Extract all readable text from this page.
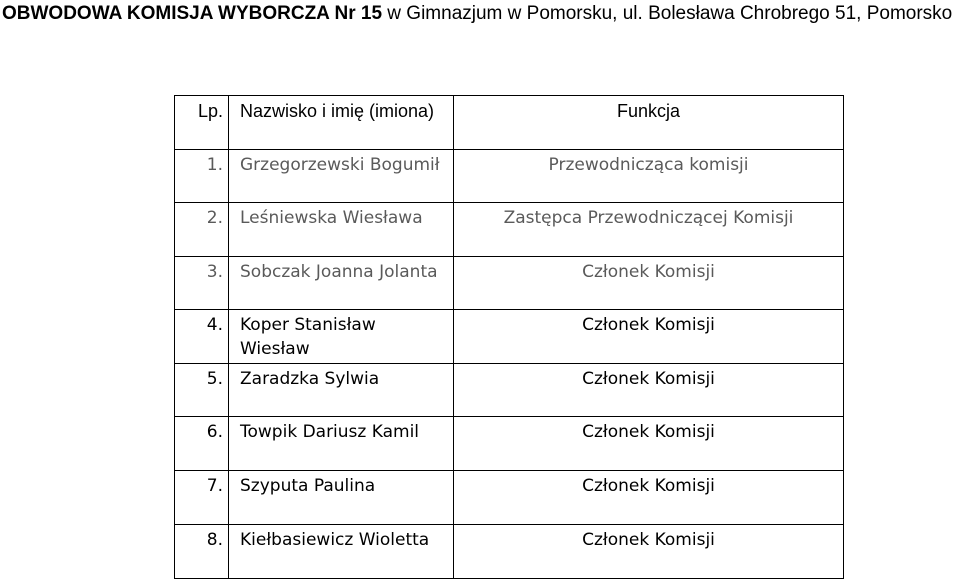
OBWODOWA KOMISJA WYBORCZA Nr 15 w Gimnazjum w Pomorsku, ul. Bolesława Chrobrego 51, Pomorsko
Lp.	Nazwisko i imię (imiona)	Funkcja
1.	Grzegorzewski Bogumił	Przewodnicząca komisji
2.	Leśniewska Wiesława	Zastępca Przewodniczącej Komisji
3.	Sobczak Joanna Jolanta	Członek Komisji
4.	Koper Stanisław Wiesław	Członek Komisji
5.	Zaradzka Sylwia	Członek Komisji
6.	Towpik Dariusz Kamil	Członek Komisji
7.	Szyputa Paulina	Członek Komisji
8.	Kiełbasiewicz Wioletta	Członek Komisji
